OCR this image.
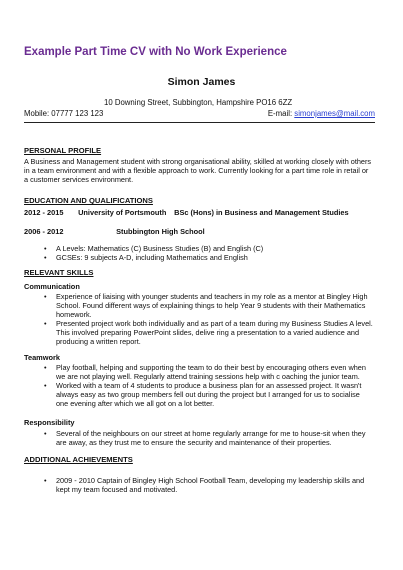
Example Part Time CV with No Work Experience
Simon James
10 Downing Street, Subbington, Hampshire PO16 6ZZ
Mobile: 07777 123 123	E-mail: simonjames@mail.com
PERSONAL PROFILE
A Business and Management student with strong organisational ability, skilled at working closely with others in a team environment and with a flexible approach to work. Currently looking for a part time role in retail or a customer services environment.
EDUCATION AND QUALIFICATIONS
2012 - 2015 University of Portsmouth BSc (Hons) in Business and Management Studies
2006 - 2012	Stubbington High School
• A Levels: Mathematics (C) Business Studies (B) and English (C)
• GCSEs: 9 subjects A-D, including Mathematics and English
RELEVANT SKILLS
Communication
• Experience of liaising with younger students and teachers in my role as a mentor at Bingley High School. Found different ways of explaining things to help Year 9 students with their Mathematics homework.
• Presented project work both individually and as part of a team during my Business Studies A level. This involved preparing PowerPoint slides, delive ring a presentation to a varied audience and producing a written report.
Teamwork
• Play football, helping and supporting the team to do their best by encouraging others even when we are not playing well. Regularly attend training sessions help with c oaching the junior team.
• Worked with a team of 4 students to produce a business plan for an assessed project. It wasn't always easy as two group members fell out during the project but I arranged for us to socialise one evening after which we all got on a lot better.
Responsibility
• Several of the neighbours on our street at home regularly arrange for me to house-sit when they are away, as they trust me to ensure the security and maintenance of their properties.
ADDITIONAL ACHIEVEMENTS
• 2009 - 2010 Captain of Bingley High School Football Team, developing my leadership skills and kept my team focused and motivated.
